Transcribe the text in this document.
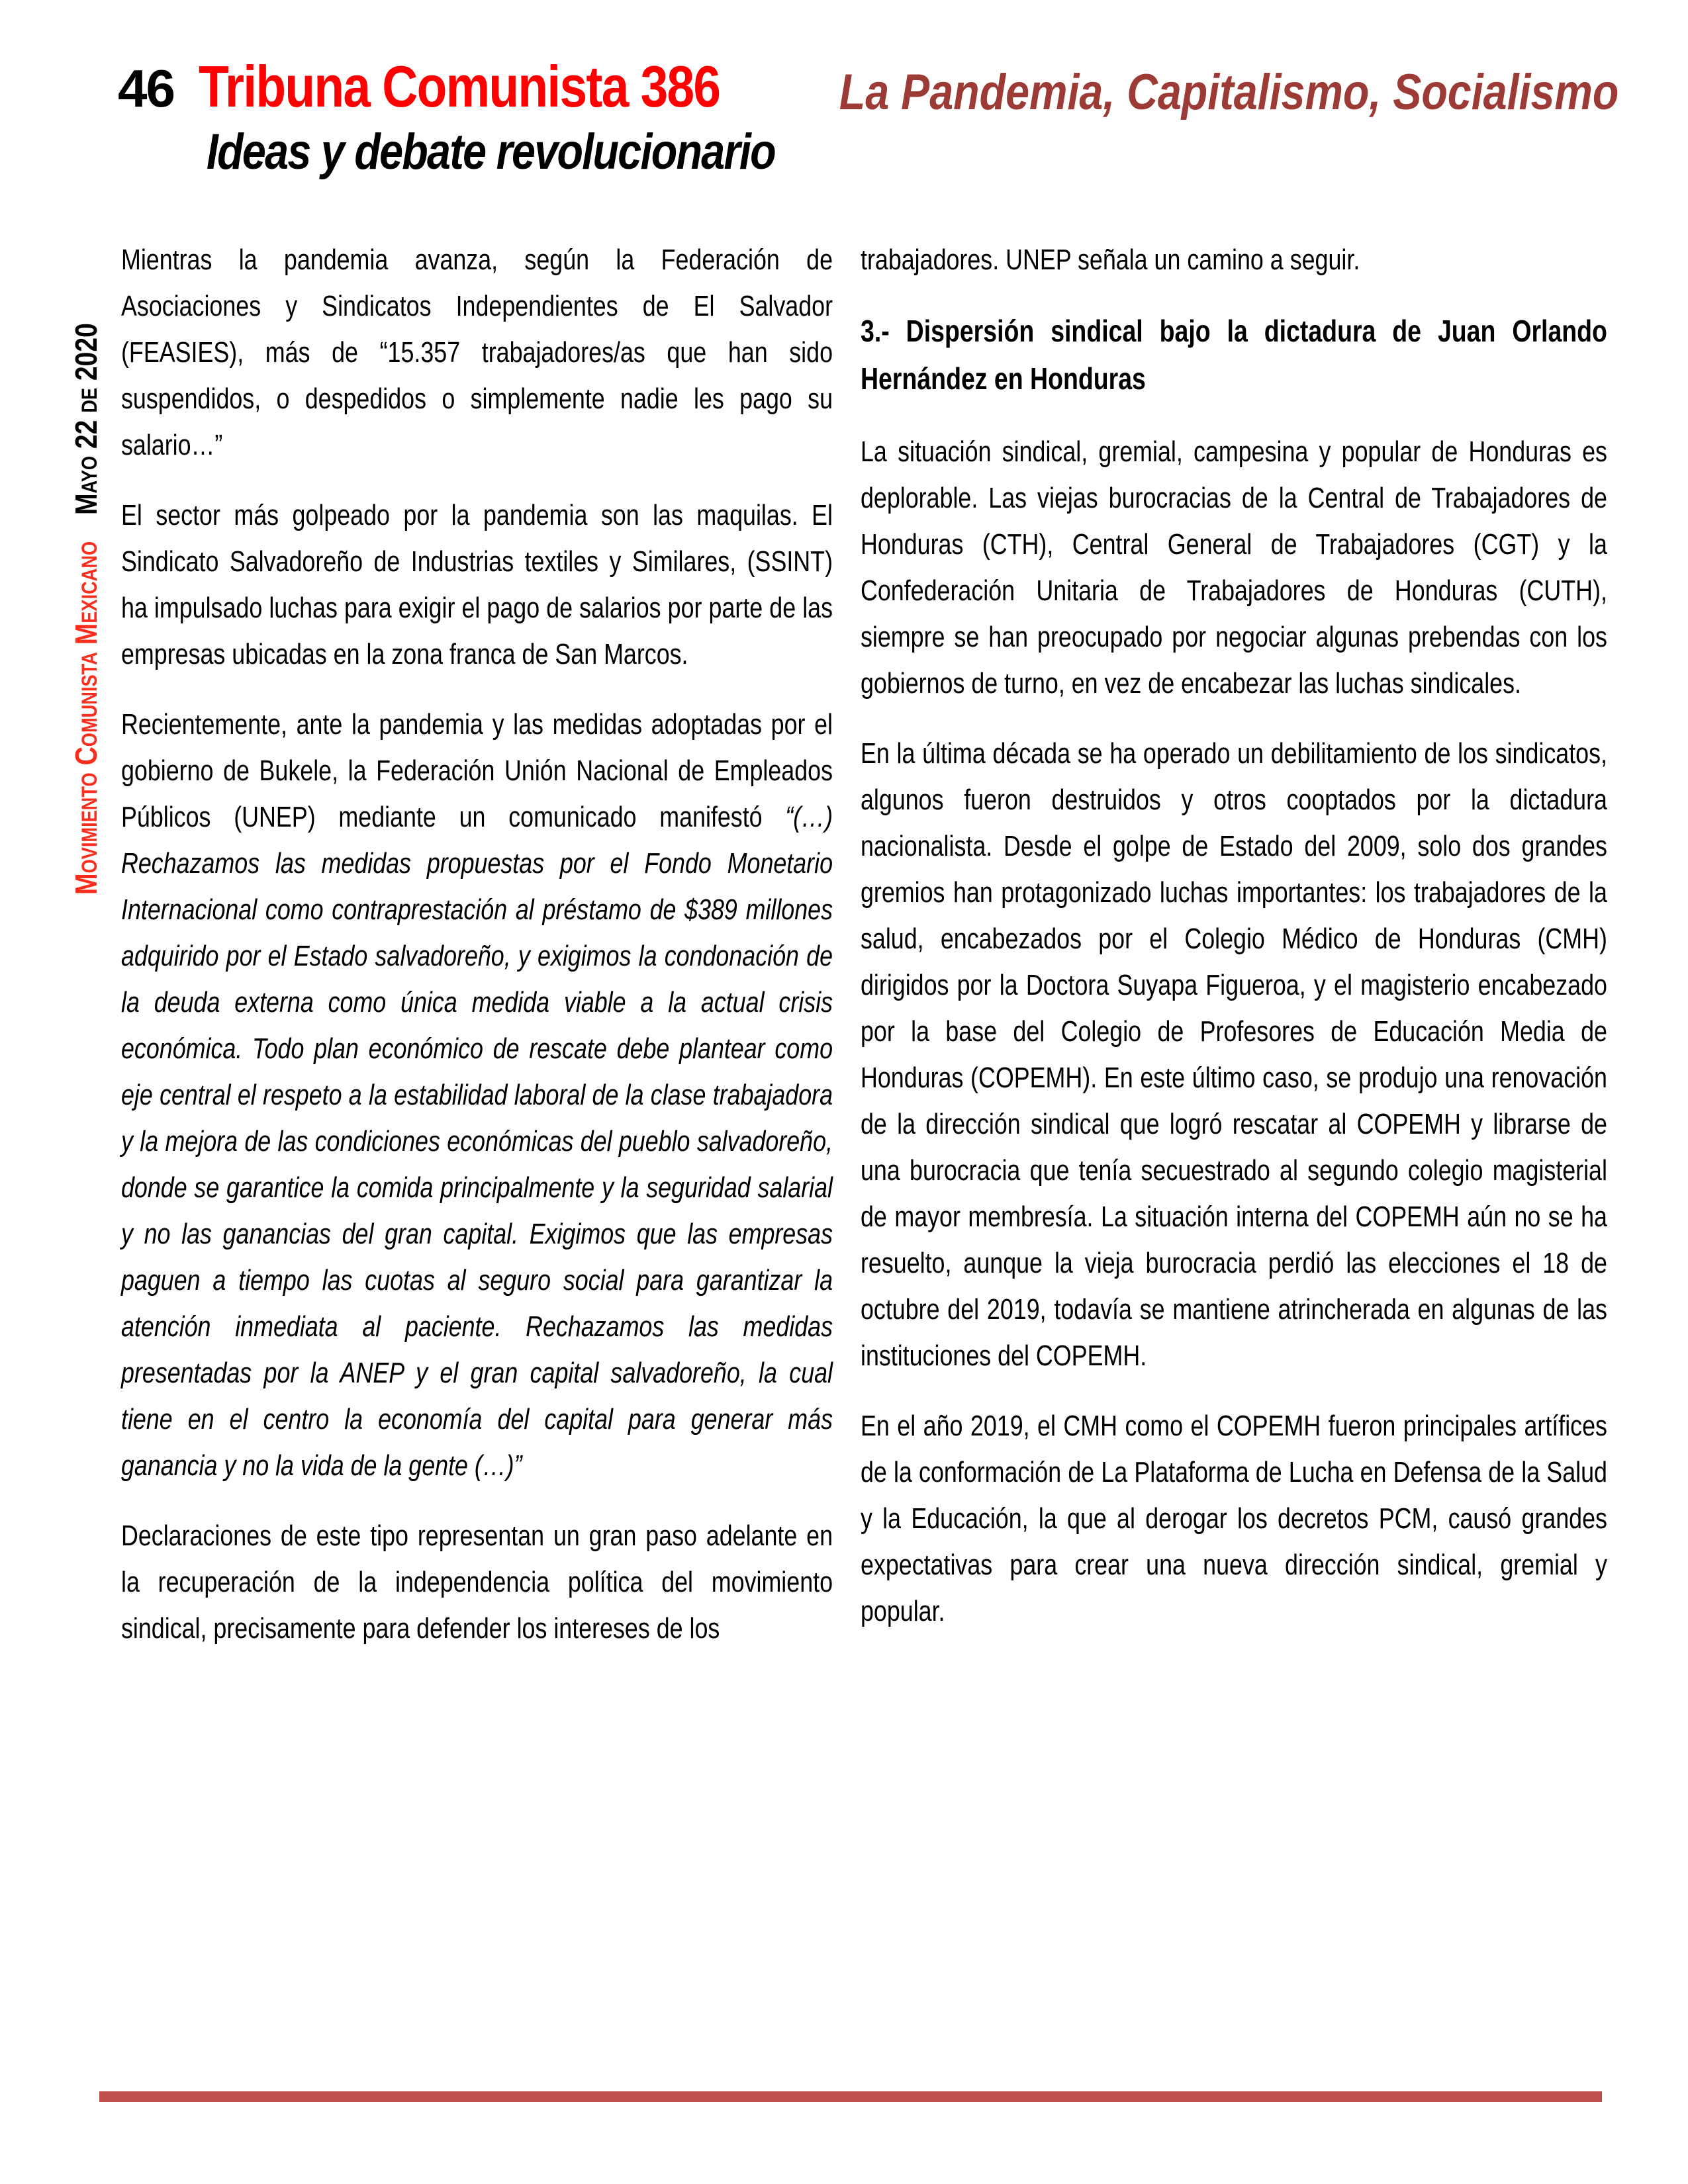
46 Tribuna Comunista 386
Ideas y debate revolucionario
La Pandemia, Capitalismo, Socialismo
Movimiento Comunista Mexicano Mayo 22 de 2020

Mientras la pandemia avanza, según la Federación de Asociaciones y Sindicatos Independientes de El Salvador (FEASIES), más de “15.357 trabajadores/as que han sido suspendidos, o despedidos o simplemente nadie les pago su salario…”

El sector más golpeado por la pandemia son las maquilas. El Sindicato Salvadoreño de Industrias textiles y Similares, (SSINT) ha impulsado luchas para exigir el pago de salarios por parte de las empresas ubicadas en la zona franca de San Marcos.

Recientemente, ante la pandemia y las medidas adoptadas por el gobierno de Bukele, la Federación Unión Nacional de Empleados Públicos (UNEP) mediante un comunicado manifestó “(…) Rechazamos las medidas propuestas por el Fondo Monetario Internacional como contraprestación al préstamo de $389 millones adquirido por el Estado salvadoreño, y exigimos la condonación de la deuda externa como única medida viable a la actual crisis económica. Todo plan económico de rescate debe plantear como eje central el respeto a la estabilidad laboral de la clase trabajadora y la mejora de las condiciones económicas del pueblo salvadoreño, donde se garantice la comida principalmente y la seguridad salarial y no las ganancias del gran capital. Exigimos que las empresas paguen a tiempo las cuotas al seguro social para garantizar la atención inmediata al paciente. Rechazamos las medidas presentadas por la ANEP y el gran capital salvadoreño, la cual tiene en el centro la economía del capital para generar más ganancia y no la vida de la gente (…)”

Declaraciones de este tipo representan un gran paso adelante en la recuperación de la independencia política del movimiento sindical, precisamente para defender los intereses de los

trabajadores. UNEP señala un camino a seguir.

3.- Dispersión sindical bajo la dictadura de Juan Orlando Hernández en Honduras

La situación sindical, gremial, campesina y popular de Honduras es deplorable. Las viejas burocracias de la Central de Trabajadores de Honduras (CTH), Central General de Trabajadores (CGT) y la Confederación Unitaria de Trabajadores de Honduras (CUTH), siempre se han preocupado por negociar algunas prebendas con los gobiernos de turno, en vez de encabezar las luchas sindicales.

En la última década se ha operado un debilitamiento de los sindicatos, algunos fueron destruidos y otros cooptados por la dictadura nacionalista. Desde el golpe de Estado del 2009, solo dos grandes gremios han protagonizado luchas importantes: los trabajadores de la salud, encabezados por el Colegio Médico de Honduras (CMH) dirigidos por la Doctora Suyapa Figueroa, y el magisterio encabezado por la base del Colegio de Profesores de Educación Media de Honduras (COPEMH). En este último caso, se produjo una renovación de la dirección sindical que logró rescatar al COPEMH y librarse de una burocracia que tenía secuestrado al segundo colegio magisterial de mayor membresía. La situación interna del COPEMH aún no se ha resuelto, aunque la vieja burocracia perdió las elecciones el 18 de octubre del 2019, todavía se mantiene atrincherada en algunas de las instituciones del COPEMH.

En el año 2019, el CMH como el COPEMH fueron principales artífices de la conformación de La Plataforma de Lucha en Defensa de la Salud y la Educación, la que al derogar los decretos PCM, causó grandes expectativas para crear una nueva dirección sindical, gremial y popular.
